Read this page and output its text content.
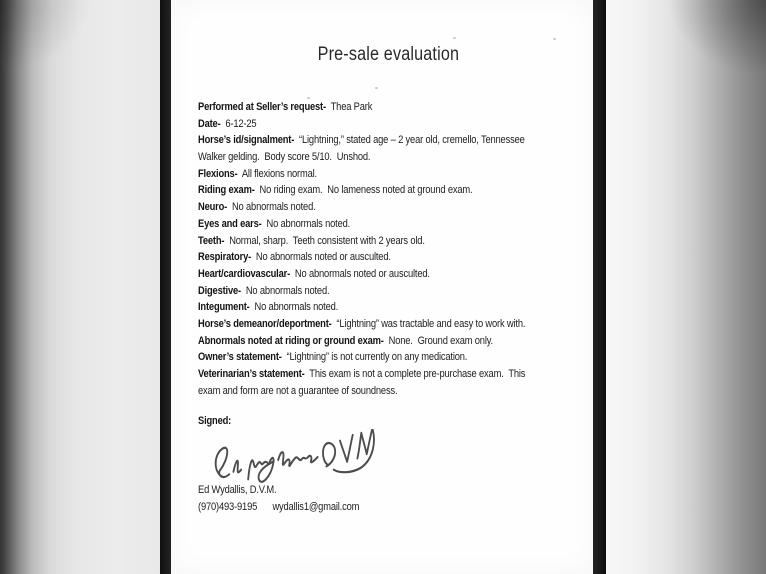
Pre-sale evaluation
Performed at Seller’s request-  Thea Park
Date-  6-12-25
Horse’s id/signalment-  “Lightning,” stated age – 2 year old, cremello, Tennessee
Walker gelding.  Body score 5/10.  Unshod.
Flexions-  All flexions normal.
Riding exam-  No riding exam.  No lameness noted at ground exam.
Neuro-  No abnormals noted.
Eyes and ears-  No abnormals noted.
Teeth-  Normal, sharp.  Teeth consistent with 2 years old.
Respiratory-  No abnormals noted or ausculted.
Heart/cardiovascular-  No abnormals noted or ausculted.
Digestive-  No abnormals noted.
Integument-  No abnormals noted.
Horse’s demeanor/deportment-  “Lightning” was tractable and easy to work with.
Abnormals noted at riding or ground exam-  None.  Ground exam only.
Owner’s statement-  “Lightning” is not currently on any medication.
Veterinarian’s statement-  This exam is not a complete pre-purchase exam.  This
exam and form are not a guarantee of soundness.
Signed:
Ed Wydallis, D.V.M.
(970)493-9195 wydallis1@gmail.com
